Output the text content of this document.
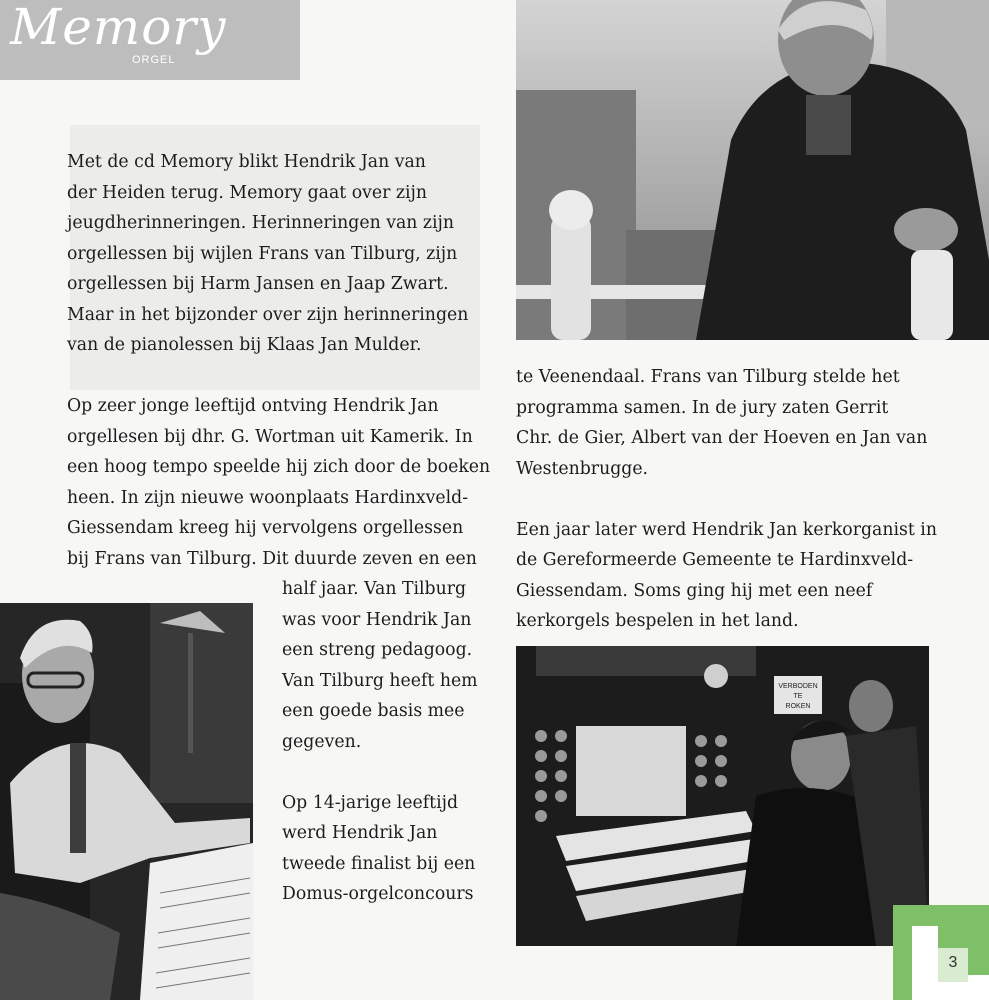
Memory
ORGEL

Met de cd Memory blikt Hendrik Jan van

der Heiden terug. Memory gaat over zijn

jeugdherinneringen. Herinneringen van zijn

orgellessen bij wijlen Frans van Tilburg, zijn

orgellessen bij Harm Jansen en Jaap Zwart.

Maar in het bijzonder over zijn herinneringen

van de pianolessen bij Klaas Jan Mulder.

Op zeer jonge leeftijd ontving Hendrik Jan

orgellesen bij dhr. G. Wortman uit Kamerik. In

een hoog tempo speelde hij zich door de boeken

heen. In zijn nieuwe woonplaats Hardinxveld-

Giessendam kreeg hij vervolgens orgellessen

bij Frans van Tilburg. Dit duurde zeven en een

half jaar. Van Tilburg

was voor Hendrik Jan

een streng pedagoog.

Van Tilburg heeft hem

een goede basis mee

gegeven.

Op 14-jarige leeftijd

werd Hendrik Jan

tweede finalist bij een

Domus-orgelconcours

te Veenendaal. Frans van Tilburg stelde het

programma samen. In de jury zaten Gerrit

Chr. de Gier, Albert van der Hoeven en Jan van

Westenbrugge.

Een jaar later werd Hendrik Jan kerkorganist in

de Gereformeerde Gemeente te Hardinxveld-

Giessendam. Soms ging hij met een neef

kerkorgels bespelen in het land.

VERBODEN
TE
ROKEN
3
